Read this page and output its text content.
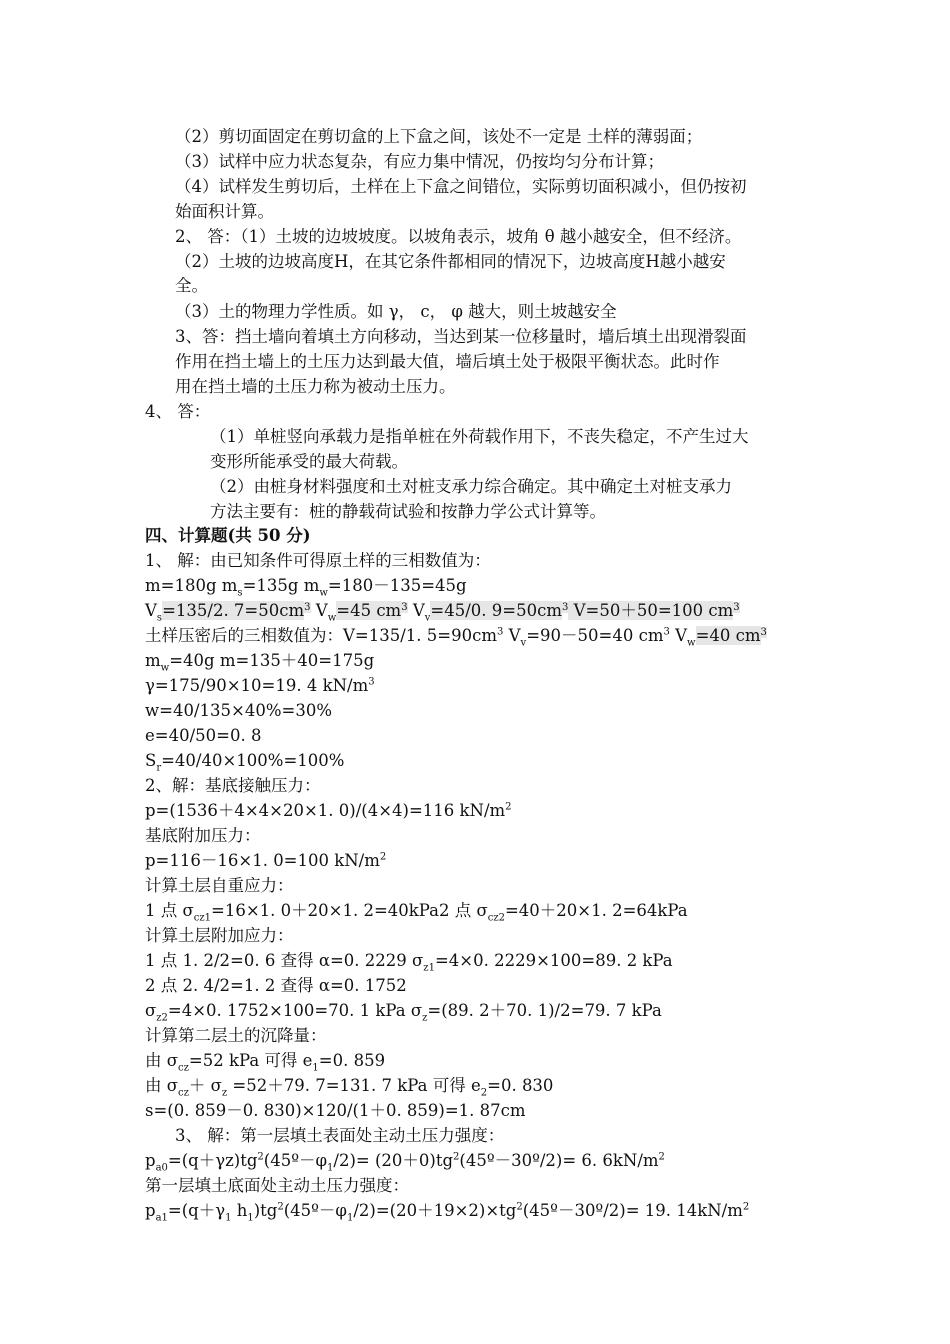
（2）剪切面固定在剪切盒的上下盒之间，该处不一定是 土样的薄弱面；
（3）试样中应力状态复杂，有应力集中情况，仍按均匀分布计算；
（4）试样发生剪切后，土样在上下盒之间错位，实际剪切面积减小，但仍按初
始面积计算。
2、 答：（1）土坡的边坡坡度。以坡角表示，坡角 θ 越小越安全，但不经济。
（2）土坡的边坡高度H，在其它条件都相同的情况下，边坡高度H越小越安
全。
（3）土的物理力学性质。如 γ， c， φ 越大，则土坡越安全
3、答：挡土墙向着填土方向移动，当达到某一位移量时，墙后填土出现滑裂面
作用在挡土墙上的土压力达到最大值，墙后填土处于极限平衡状态。此时作
用在挡土墙的土压力称为被动土压力。
4、 答：
（1）单桩竖向承载力是指单桩在外荷载作用下，不丧失稳定，不产生过大
变形所能承受的最大荷载。
（2）由桩身材料强度和土对桩支承力综合确定。其中确定土对桩支承力
方法主要有：桩的静载荷试验和按静力学公式计算等。
四、计算题(共 50 分)
1、 解：由已知条件可得原土样的三相数值为：
m=180g $m_s=135g$ $m_w=180-135=45g$
$V_s=135/2$. $7=50cm^3$ $V_w=45$ $cm^3$ $V_v=45/0$. $9=50cm^3$ V=50＋50=100 $cm^3$
土样压密后的三相数值为：V=135/1. $5=90cm^3$ $V_v=90-50=40$ $cm^3$ $V_w=40$ $cm^3$
$m_w=40g$ m=135＋40=175g
γ=175/90×10=19. 4 $kN/m^3$
w=40/135×40%=30%
e=40/50=0. 8
$S_r=40/40\times 100\%=100\%$
2、解：基底接触压力：
p=(1536＋4×4×20×1. 0)/(4×4)=116 $kN/m^2$
基底附加压力：
p=116－16×1. 0=100 $kN/m^2$
计算土层自重应力：
1 点 $\sigma_{cz1}=16\times 1$. 0＋20×1. 2=40kPa2 点 $\sigma_{cz2}=40+20\times 1$. 2=64kPa
计算土层附加应力：
1 点 1. 2/2=0. 6 查得 α=0. 2229 $\sigma_{z1}=4\times 0$. 2229×100=89. 2 kPa
2 点 2. 4/2=1. 2 查得 α=0. 1752
$\sigma_{z2}=4\times 0$. 1752×100=70. 1 kPa $\sigma_z=(89$. 2＋70. 1)/2=79. 7 kPa
计算第二层土的沉降量：
由 $\sigma_{cz}=52$ kPa 可得 $e_1=0$. 859
由 $\sigma_{cz}+ \sigma_z =52+79$. 7=131. 7 kPa 可得 $e_2=0$. 830
s=(0. 859－0. 830)×120/(1＋0. 859)=1. 87cm
3、 解：第一层填土表面处主动土压力强度：
$p_{a0}=(q+\gamma z)tg^2(45º-\varphi_1/2)=$ $(20+0)tg^2(45º-30º/2)= 6$. $6kN/m^2$
第一层填土底面处主动土压力强度：
$p_{a1}=(q+\gamma_1$ $h_1)tg^2(45º-\varphi_1/2)=(20+19\times 2)\times tg^2(45º-30º/2)= 19$. $14kN/m^2$
